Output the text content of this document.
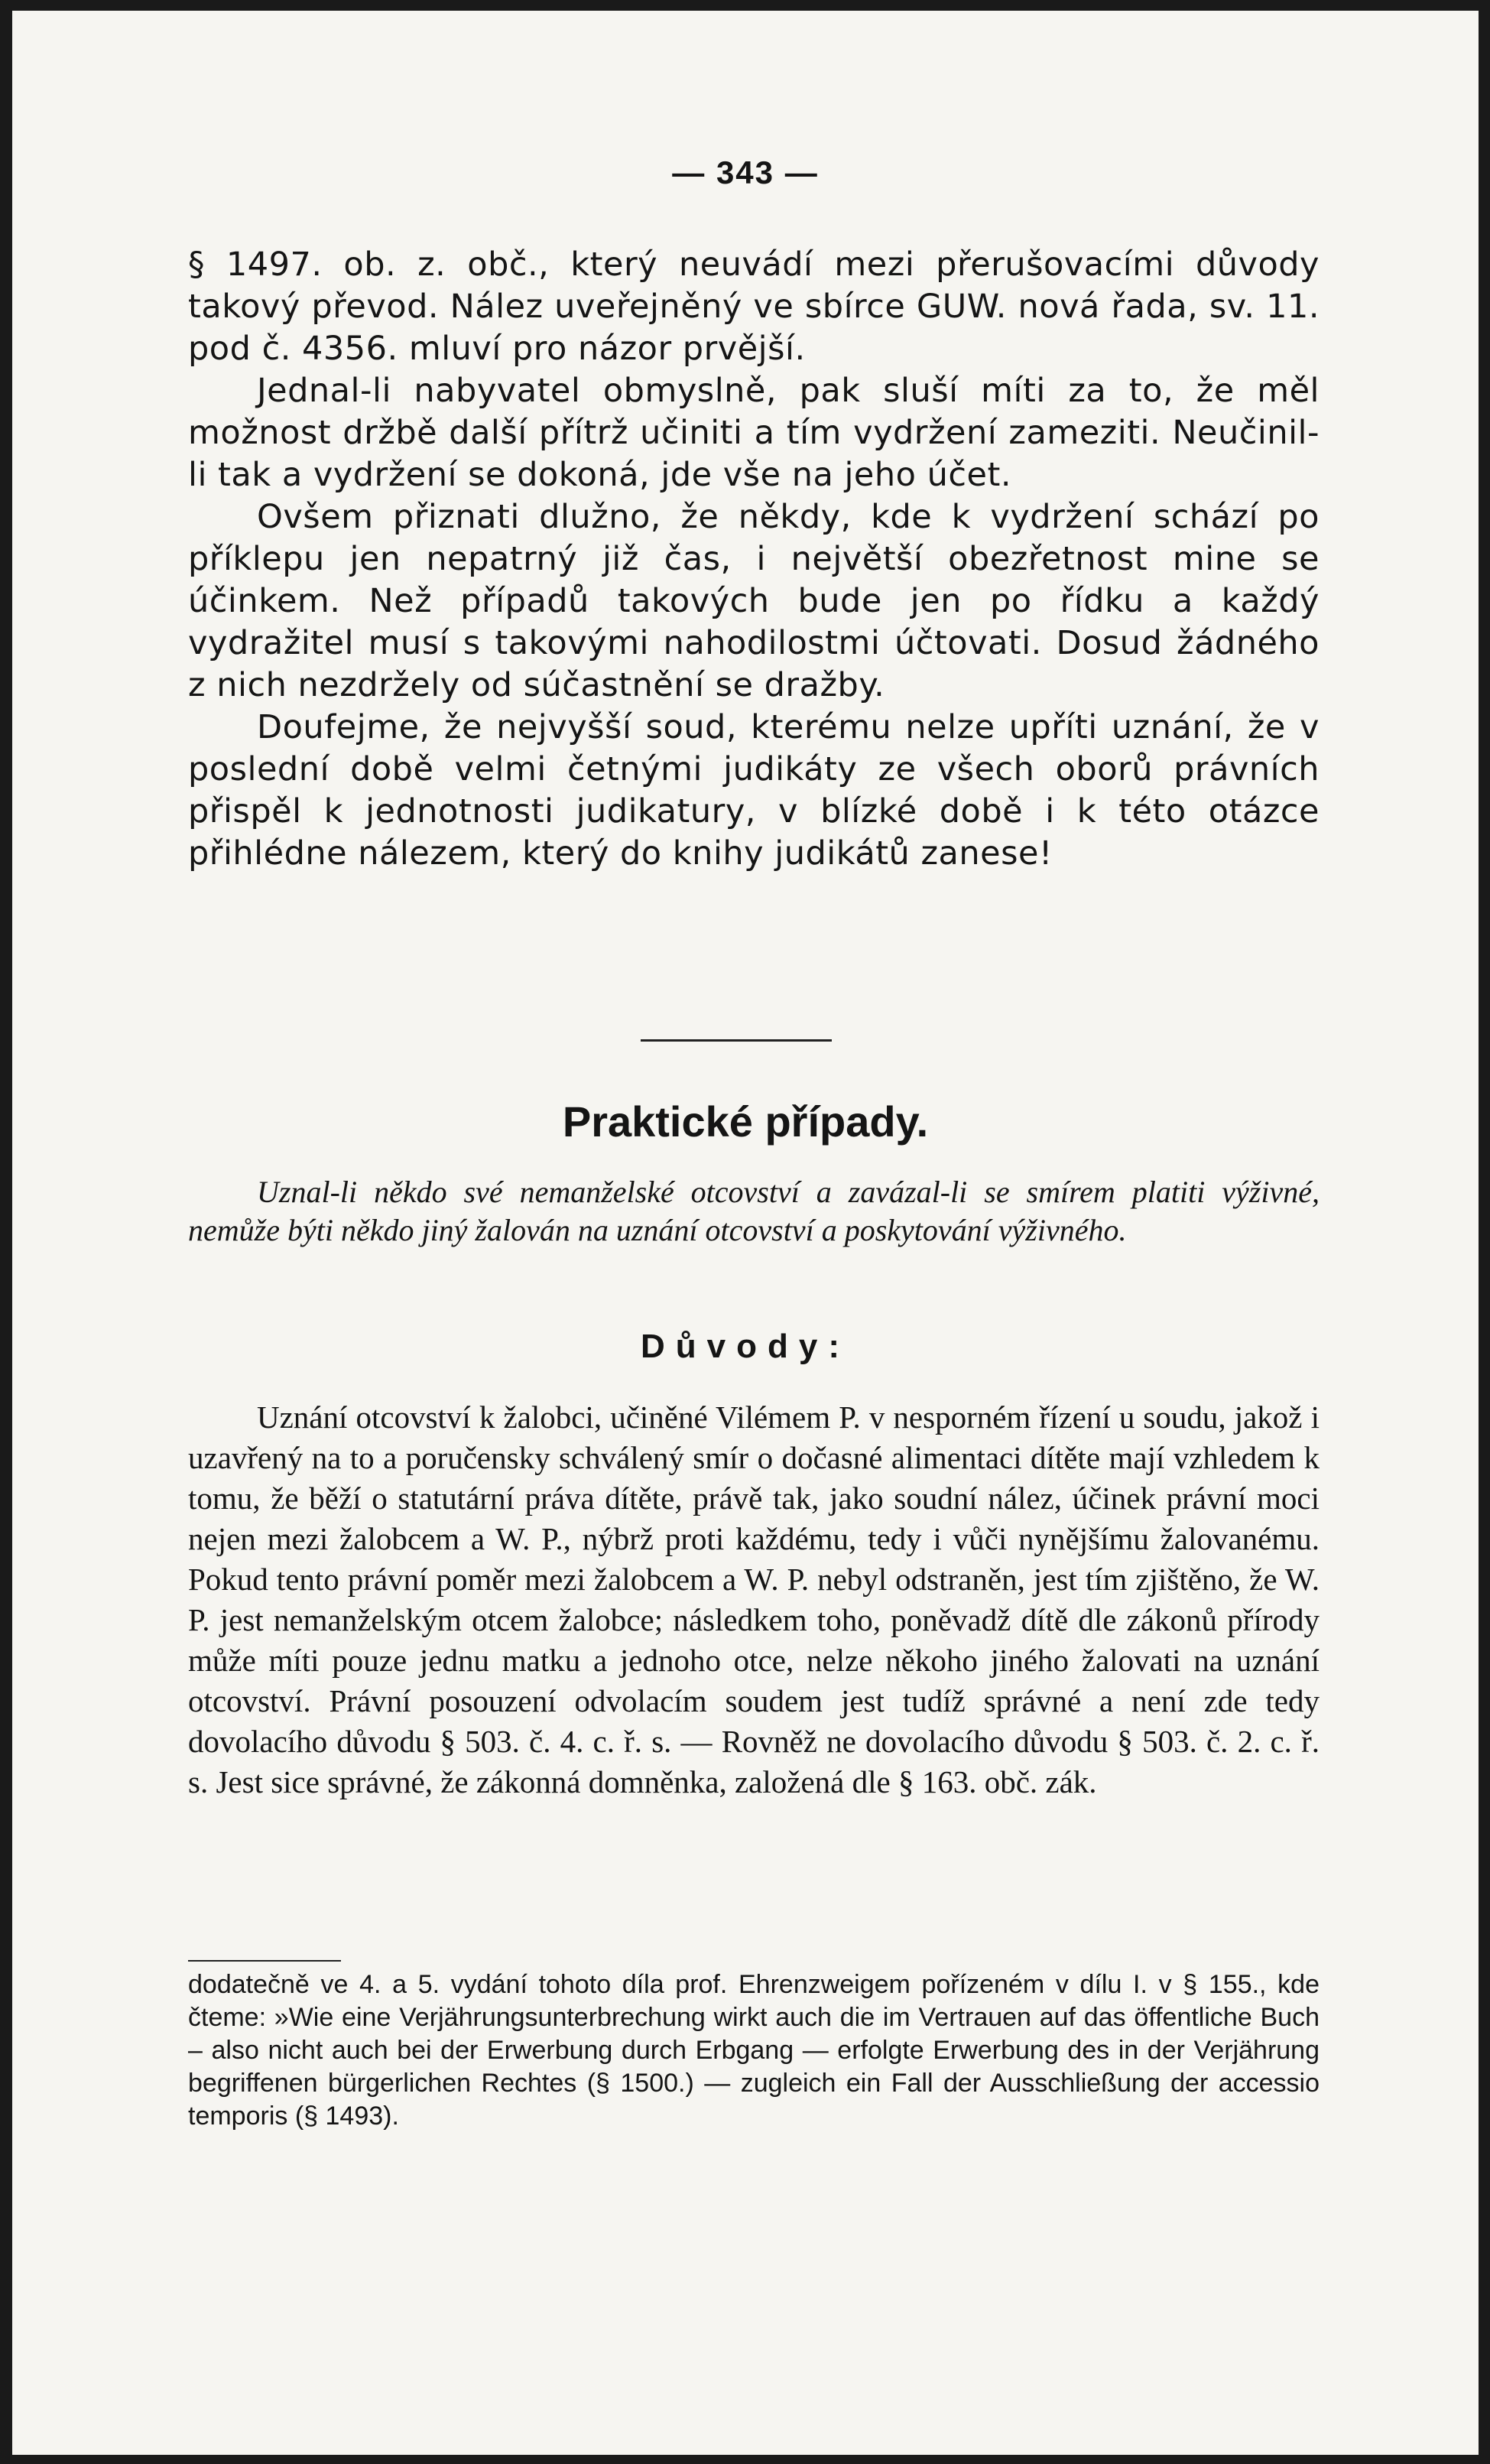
— 343 —

§ 1497. ob. z. obč., který neuvádí mezi přerušovacími důvody takový převod. Nález uveřejněný ve sbírce GUW. nová řada, sv. 11. pod č. 4356. mluví pro názor prvější.

Jednal-li nabyvatel obmyslně, pak sluší míti za to, že měl možnost držbě další přítrž učiniti a tím vydržení zameziti. Neučinil-li tak a vydržení se dokoná, jde vše na jeho účet.

Ovšem přiznati dlužno, že někdy, kde k vydržení schází po příklepu jen nepatrný již čas, i největší obezřetnost mine se účinkem. Než případů takových bude jen po řídku a každý vydražitel musí s takovými nahodilostmi účtovati. Dosud žádného z nich nezdržely od súčastnění se dražby.

Doufejme, že nejvyšší soud, kterému nelze upříti uznání, že v poslední době velmi četnými judikáty ze všech oborů právních přispěl k jednotnosti judikatury, v blízké době i k této otázce přihlédne nálezem, který do knihy judikátů zanese!

Praktické případy.

Uznal-li někdo své nemanželské otcovství a zavázal-li se smírem platiti výživné, nemůže býti někdo jiný žalován na uznání otcovství a poskytování výživného.

Důvody:

Uznání otcovství k žalobci, učiněné Vilémem P. v nesporném řízení u soudu, jakož i uzavřený na to a poručensky schválený smír o dočasné alimentaci dítěte mají vzhledem k tomu, že běží o statutární práva dítěte, právě tak, jako soudní nález, účinek právní moci nejen mezi žalobcem a W. P., nýbrž proti každému, tedy i vůči nynějšímu žalovanému. Pokud tento právní poměr mezi žalobcem a W. P. nebyl odstraněn, jest tím zjištěno, že W. P. jest nemanželským otcem žalobce; následkem toho, poněvadž dítě dle zákonů přírody může míti pouze jednu matku a jednoho otce, nelze někoho jiného žalovati na uznání otcovství. Právní posouzení odvolacím soudem jest tudíž správné a není zde tedy dovolacího důvodu § 503. č. 4. c. ř. s. — Rovněž ne dovolacího důvodu § 503. č. 2. c. ř. s. Jest sice správné, že zákonná domněnka, založená dle § 163. obč. zák.

dodatečně ve 4. a 5. vydání tohoto díla prof. Ehrenzweigem pořízeném v dílu I. v § 155., kde čteme: »Wie eine Verjährungsunterbrechung wirkt auch die im Vertrauen auf das öffentliche Buch – also nicht auch bei der Erwerbung durch Erbgang — erfolgte Erwerbung des in der Verjährung begriffenen bürgerlichen Rechtes (§ 1500.) — zugleich ein Fall der Ausschließung der accessio temporis (§ 1493).
